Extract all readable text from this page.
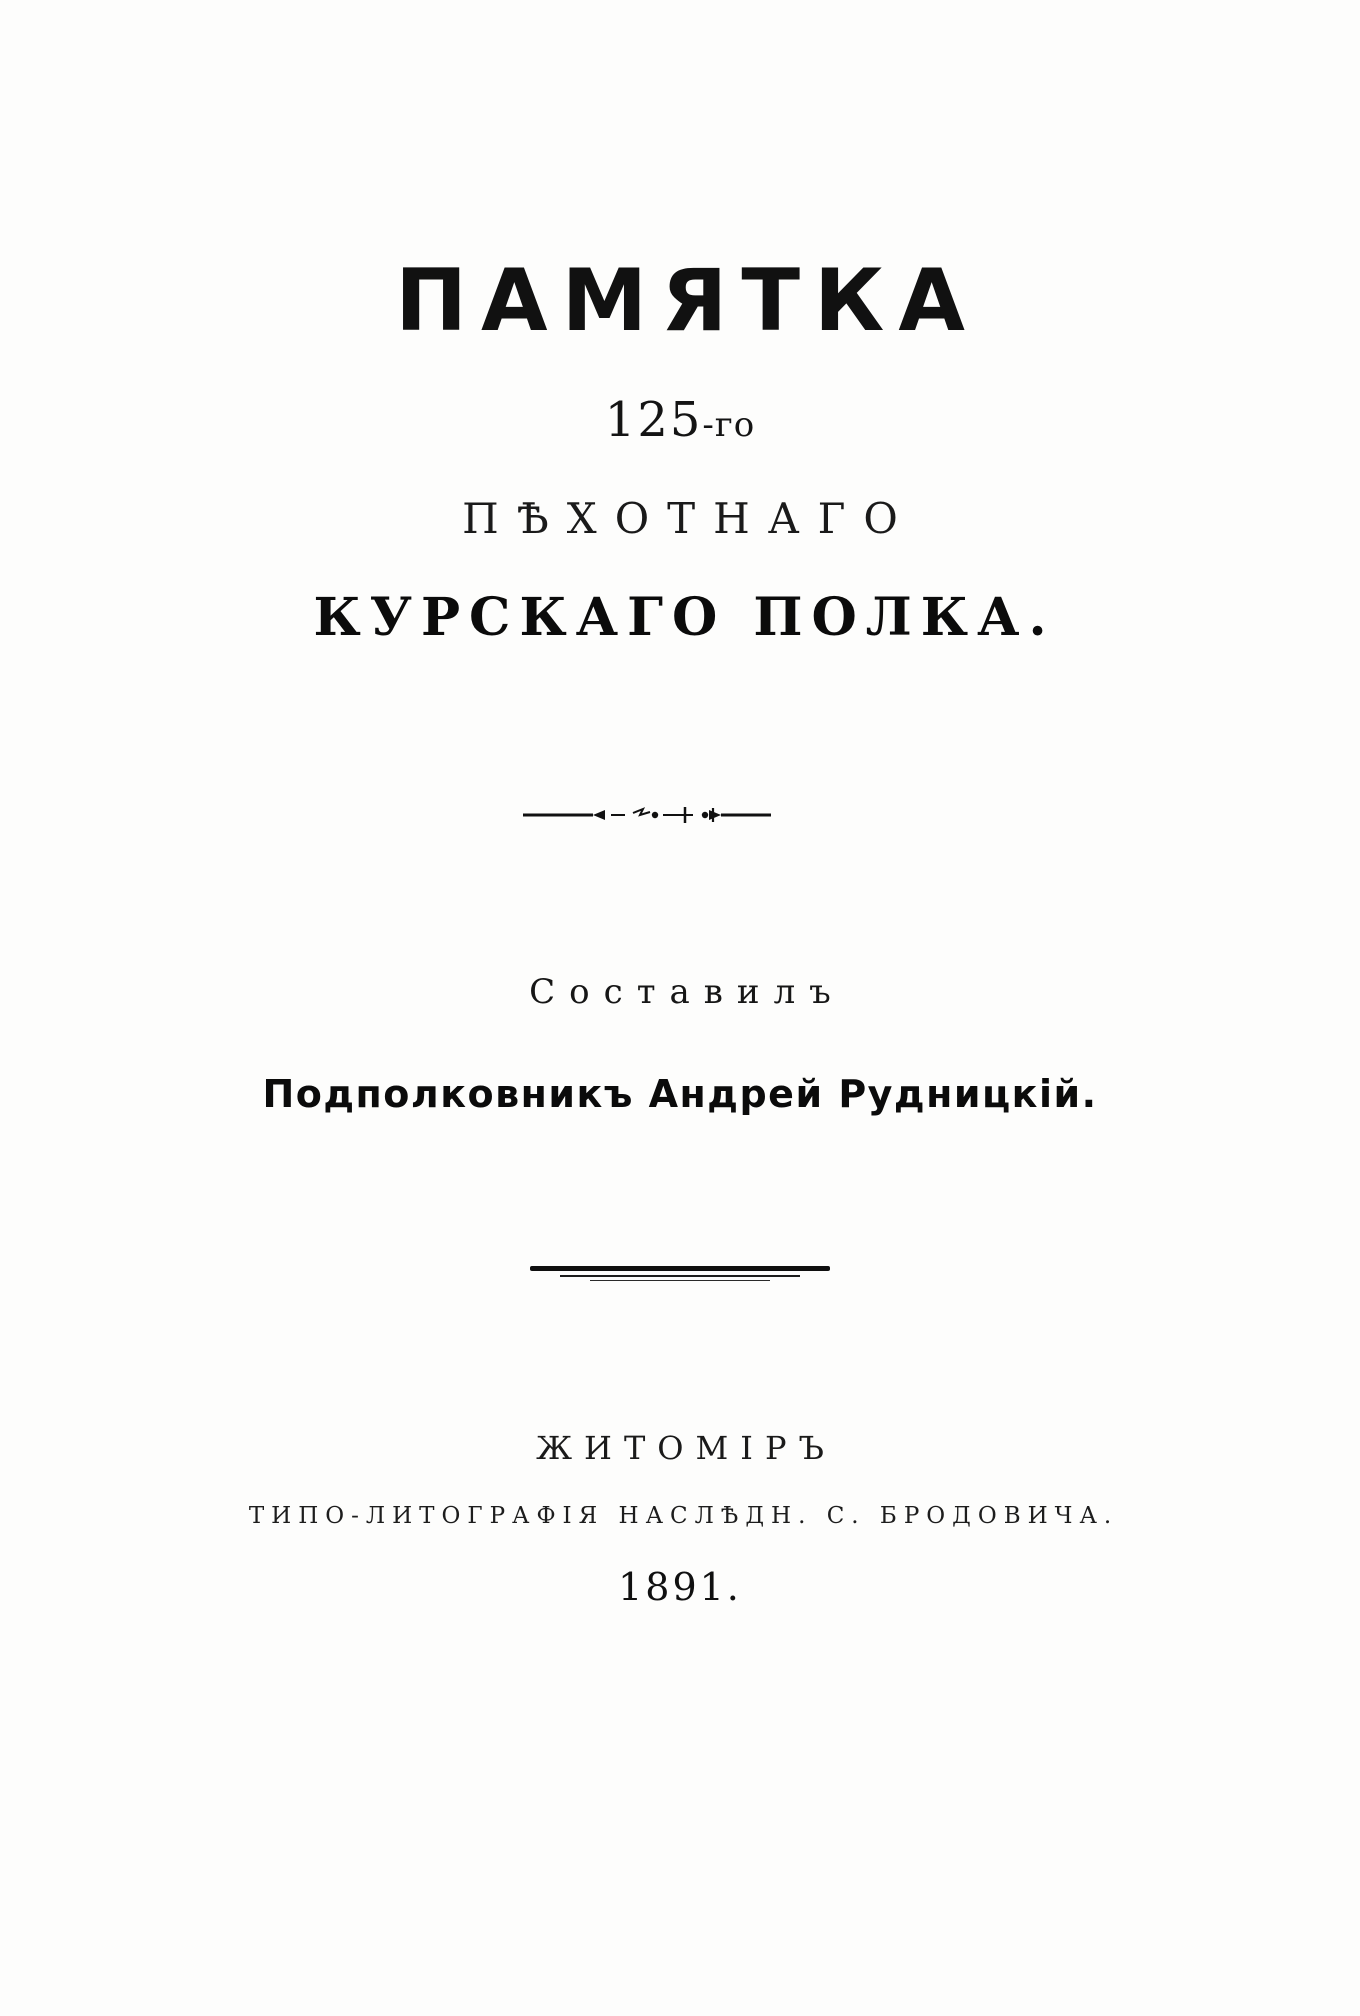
ПАМЯТКА
125-го
ПѢХОТНАГО
КУРСКАГО ПОЛКА.
Составилъ
Подполковникъ Андрей Рудницкiй.
ЖИТОМІРЪ
ТИПО-ЛИТОГРАФІЯ НАСЛѢДН. С. БРОДОВИЧА.
1891.
